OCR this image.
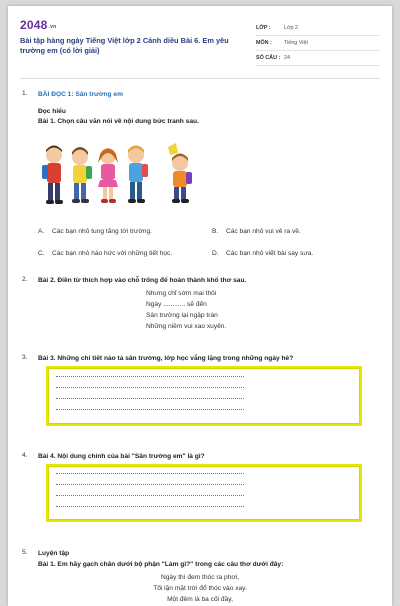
2048.vn
Bài tập hàng ngày Tiếng Việt lớp 2 Cánh diều Bài 6. Em yêu trường em (có lời giải)
LỚP : Lớp 2
MÔN : Tiếng Việt
SỐ CÂU : 24
1. BÀI ĐỌC 1: Sân trường em
Đọc hiểu
Bài 1. Chọn câu văn nói về nội dung bức tranh sau.
A. Các bạn nhỏ tung tăng tới trường.	B. Các bạn nhỏ vui vẻ ra về.
C. Các bạn nhỏ háo hức với những tiết học.	D. Các bạn nhỏ viết bài say sưa.
2. Bài 2. Điền từ thích hợp vào chỗ trống để hoàn thành khổ thơ sau.
Nhưng chỉ sớm mai thôi
Ngày ............ sẽ đến
Sân trường lại ngập tràn
Những niềm vui xao xuyến.
3. Bài 3. Những chi tiết nào tả sân trường, lớp học vắng lặng trong những ngày hè?
4. Bài 4. Nội dung chính của bài "Sân trường em" là gì?
5. Luyện tập
Bài 1. Em hãy gạch chân dưới bộ phận "Làm gì?" trong các câu thơ dưới đây:
Ngày thì đem thóc ra phơi,
Tối lặn mặt trời đổ thóc vào xay.
Một đêm là ba cối đầy,
